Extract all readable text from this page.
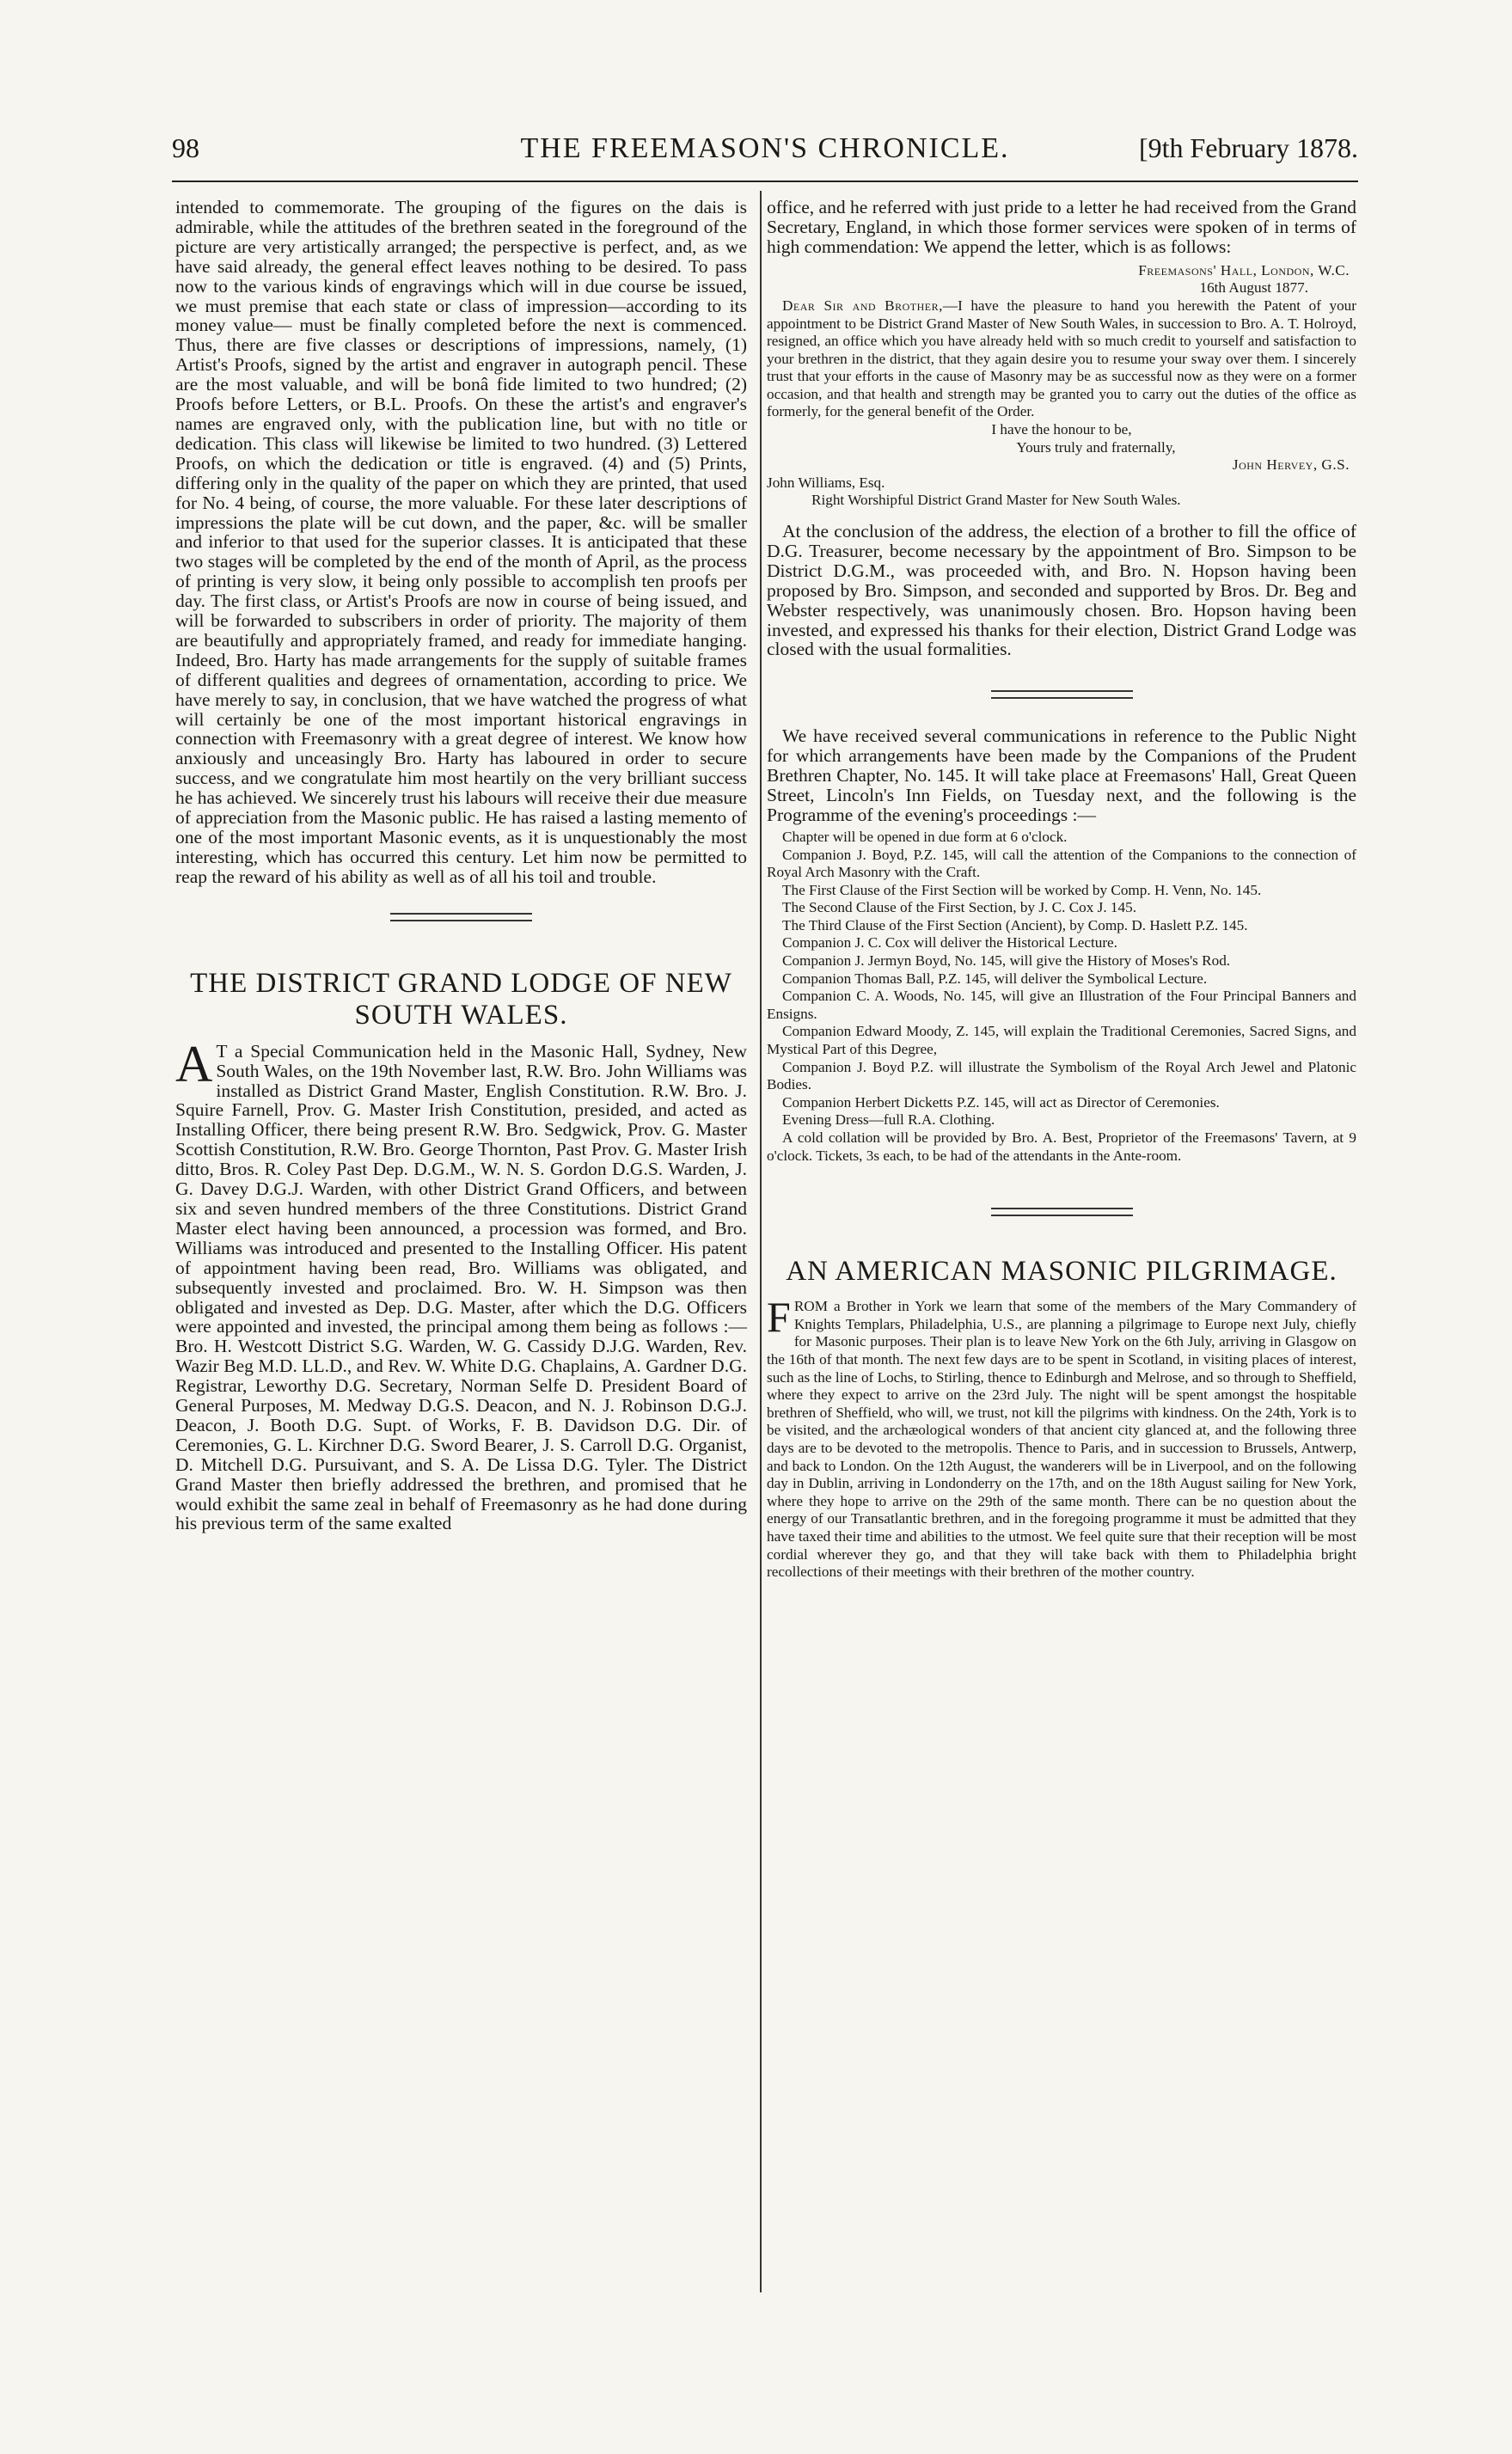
98	THE FREEMASON'S CHRONICLE.	[9th February 1878.

intended to commemorate. The grouping of the figures on the dais is admirable, while the attitudes of the brethren seated in the foreground of the picture are very artistically arranged; the perspective is perfect, and, as we have said already, the general effect leaves nothing to be desired. To pass now to the various kinds of engravings which will in due course be issued, we must premise that each state or class of impression—according to its money value— must be finally completed before the next is commenced. Thus, there are five classes or descriptions of impressions, namely, (1) Artist's Proofs, signed by the artist and engraver in autograph pencil. These are the most valuable, and will be bonâ fide limited to two hundred; (2) Proofs before Letters, or B.L. Proofs. On these the artist's and engraver's names are engraved only, with the publication line, but with no title or dedication. This class will likewise be limited to two hundred. (3) Lettered Proofs, on which the dedication or title is engraved. (4) and (5) Prints, differing only in the quality of the paper on which they are printed, that used for No. 4 being, of course, the more valuable. For these later descriptions of impressions the plate will be cut down, and the paper, &c. will be smaller and inferior to that used for the superior classes. It is anticipated that these two stages will be completed by the end of the month of April, as the process of printing is very slow, it being only possible to accomplish ten proofs per day. The first class, or Artist's Proofs are now in course of being issued, and will be forwarded to subscribers in order of priority. The majority of them are beautifully and appropriately framed, and ready for immediate hanging. Indeed, Bro. Harty has made arrangements for the supply of suitable frames of different qualities and degrees of ornamentation, according to price. We have merely to say, in conclusion, that we have watched the progress of what will certainly be one of the most important historical engravings in connection with Freemasonry with a great degree of interest. We know how anxiously and unceasingly Bro. Harty has laboured in order to secure success, and we congratulate him most heartily on the very brilliant success he has achieved. We sincerely trust his labours will receive their due measure of appreciation from the Masonic public. He has raised a lasting memento of one of the most important Masonic events, as it is unquestionably the most interesting, which has occurred this century. Let him now be permitted to reap the reward of his ability as well as of all his toil and trouble.

THE DISTRICT GRAND LODGE OF NEW SOUTH WALES.

A T a Special Communication held in the Masonic Hall, Sydney, New South Wales, on the 19th November last, R.W. Bro. John Williams was installed as District Grand Master, English Constitution. R.W. Bro. J. Squire Farnell, Prov. G. Master Irish Constitution, presided, and acted as Installing Officer, there being present R.W. Bro. Sedgwick, Prov. G. Master Scottish Constitution, R.W. Bro. George Thornton, Past Prov. G. Master Irish ditto, Bros. R. Coley Past Dep. D.G.M., W. N. S. Gordon D.G.S. Warden, J. G. Davey D.G.J. Warden, with other District Grand Officers, and between six and seven hundred members of the three Constitutions. District Grand Master elect having been announced, a procession was formed, and Bro. Williams was introduced and presented to the Installing Officer. His patent of appointment having been read, Bro. Williams was obligated, and subsequently invested and proclaimed. Bro. W. H. Simpson was then obligated and invested as Dep. D.G. Master, after which the D.G. Officers were appointed and invested, the principal among them being as follows :—Bro. H. Westcott District S.G. Warden, W. G. Cassidy D.J.G. Warden, Rev. Wazir Beg M.D. LL.D., and Rev. W. White D.G. Chaplains, A. Gardner D.G. Registrar, Leworthy D.G. Secretary, Norman Selfe D. President Board of General Purposes, M. Medway D.G.S. Deacon, and N. J. Robinson D.G.J. Deacon, J. Booth D.G. Supt. of Works, F. B. Davidson D.G. Dir. of Ceremonies, G. L. Kirchner D.G. Sword Bearer, J. S. Carroll D.G. Organist, D. Mitchell D.G. Pursuivant, and S. A. De Lissa D.G. Tyler. The District Grand Master then briefly addressed the brethren, and promised that he would exhibit the same zeal in behalf of Freemasonry as he had done during his previous term of the same exalted

office, and he referred with just pride to a letter he had received from the Grand Secretary, England, in which those former services were spoken of in terms of high commendation: We append the letter, which is as follows:

Freemasons' Hall, London, W.C.
16th August 1877.

Dear Sir and Brother,—I have the pleasure to hand you herewith the Patent of your appointment to be District Grand Master of New South Wales, in succession to Bro. A. T. Holroyd, resigned, an office which you have already held with so much credit to yourself and satisfaction to your brethren in the district, that they again desire you to resume your sway over them. I sincerely trust that your efforts in the cause of Masonry may be as successful now as they were on a former occasion, and that health and strength may be granted you to carry out the duties of the office as formerly, for the general benefit of the Order.

I have the honour to be,
Yours truly and fraternally,
John Hervey, G.S.
John Williams, Esq.
Right Worshipful District Grand Master for New South Wales.

At the conclusion of the address, the election of a brother to fill the office of D.G. Treasurer, become necessary by the appointment of Bro. Simpson to be District D.G.M., was proceeded with, and Bro. N. Hopson having been proposed by Bro. Simpson, and seconded and supported by Bros. Dr. Beg and Webster respectively, was unanimously chosen. Bro. Hopson having been invested, and expressed his thanks for their election, District Grand Lodge was closed with the usual formalities.

We have received several communications in reference to the Public Night for which arrangements have been made by the Companions of the Prudent Brethren Chapter, No. 145. It will take place at Freemasons' Hall, Great Queen Street, Lincoln's Inn Fields, on Tuesday next, and the following is the Programme of the evening's proceedings :—

Chapter will be opened in due form at 6 o'clock.

Companion J. Boyd, P.Z. 145, will call the attention of the Companions to the connection of Royal Arch Masonry with the Craft.

The First Clause of the First Section will be worked by Comp. H. Venn, No. 145.

The Second Clause of the First Section, by J. C. Cox J. 145.

The Third Clause of the First Section (Ancient), by Comp. D. Haslett P.Z. 145.

Companion J. C. Cox will deliver the Historical Lecture.

Companion J. Jermyn Boyd, No. 145, will give the History of Moses's Rod.

Companion Thomas Ball, P.Z. 145, will deliver the Symbolical Lecture.

Companion C. A. Woods, No. 145, will give an Illustration of the Four Principal Banners and Ensigns.

Companion Edward Moody, Z. 145, will explain the Traditional Ceremonies, Sacred Signs, and Mystical Part of this Degree,

Companion J. Boyd P.Z. will illustrate the Symbolism of the Royal Arch Jewel and Platonic Bodies.

Companion Herbert Dicketts P.Z. 145, will act as Director of Ceremonies.

Evening Dress—full R.A. Clothing.

A cold collation will be provided by Bro. A. Best, Proprietor of the Freemasons' Tavern, at 9 o'clock. Tickets, 3s each, to be had of the attendants in the Ante-room.

AN AMERICAN MASONIC PILGRIMAGE.

FROM a Brother in York we learn that some of the members of the Mary Commandery of Knights Templars, Philadelphia, U.S., are planning a pilgrimage to Europe next July, chiefly for Masonic purposes. Their plan is to leave New York on the 6th July, arriving in Glasgow on the 16th of that month. The next few days are to be spent in Scotland, in visiting places of interest, such as the line of Lochs, to Stirling, thence to Edinburgh and Melrose, and so through to Sheffield, where they expect to arrive on the 23rd July. The night will be spent amongst the hospitable brethren of Sheffield, who will, we trust, not kill the pilgrims with kindness. On the 24th, York is to be visited, and the archæological wonders of that ancient city glanced at, and the following three days are to be devoted to the metropolis. Thence to Paris, and in succession to Brussels, Antwerp, and back to London. On the 12th August, the wanderers will be in Liverpool, and on the following day in Dublin, arriving in Londonderry on the 17th, and on the 18th August sailing for New York, where they hope to arrive on the 29th of the same month. There can be no question about the energy of our Transatlantic brethren, and in the foregoing programme it must be admitted that they have taxed their time and abilities to the utmost. We feel quite sure that their reception will be most cordial wherever they go, and that they will take back with them to Philadelphia bright recollections of their meetings with their brethren of the mother country.
